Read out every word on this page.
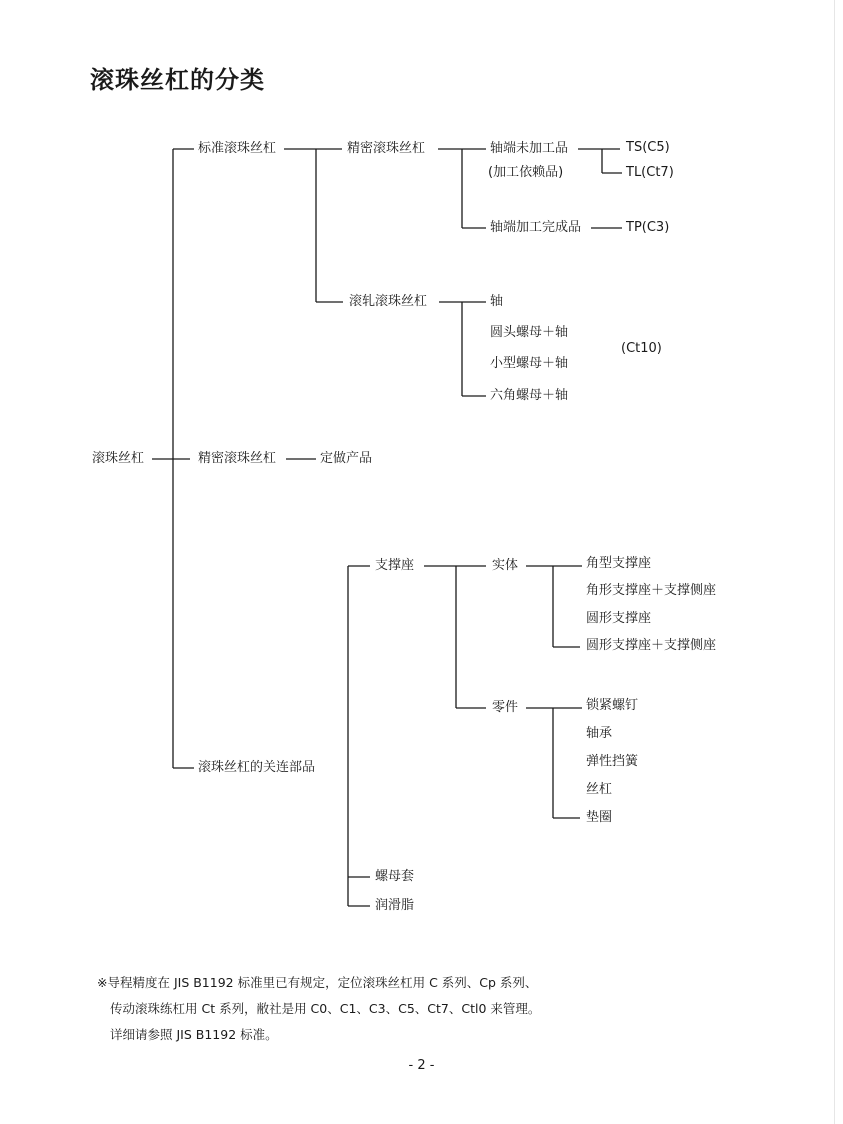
滚珠丝杠的分类
滚珠丝杠
标准滚珠丝杠
精密滚珠丝杠
滚珠丝杠的关连部品
精密滚珠丝杠
滚轧滚珠丝杠
轴端未加工品
(加工依赖品)
轴端加工完成品
TS(C5)
TL(Ct7)
TP(C3)
轴
圆头螺母＋轴
小型螺母＋轴
六角螺母＋轴
(Ct10)
定做产品
支撑座	实体	角型支撑座
角形支撑座＋支撑侧座
圆形支撑座
圆形支撑座＋支撑侧座
零件	锁紧螺钉
轴承
弹性挡簧
丝杠
垫圈
螺母套
润滑脂
※导程精度在 JIS B1192 标准里已有规定，定位滚珠丝杠用 C 系列、Cp 系列、
传动滚珠练杠用 Ct 系列，敝社是用 C0、C1、C3、C5、Ct7、Ctl0 来管理。
详细请参照 JIS B1192 标准。
- 2 -
